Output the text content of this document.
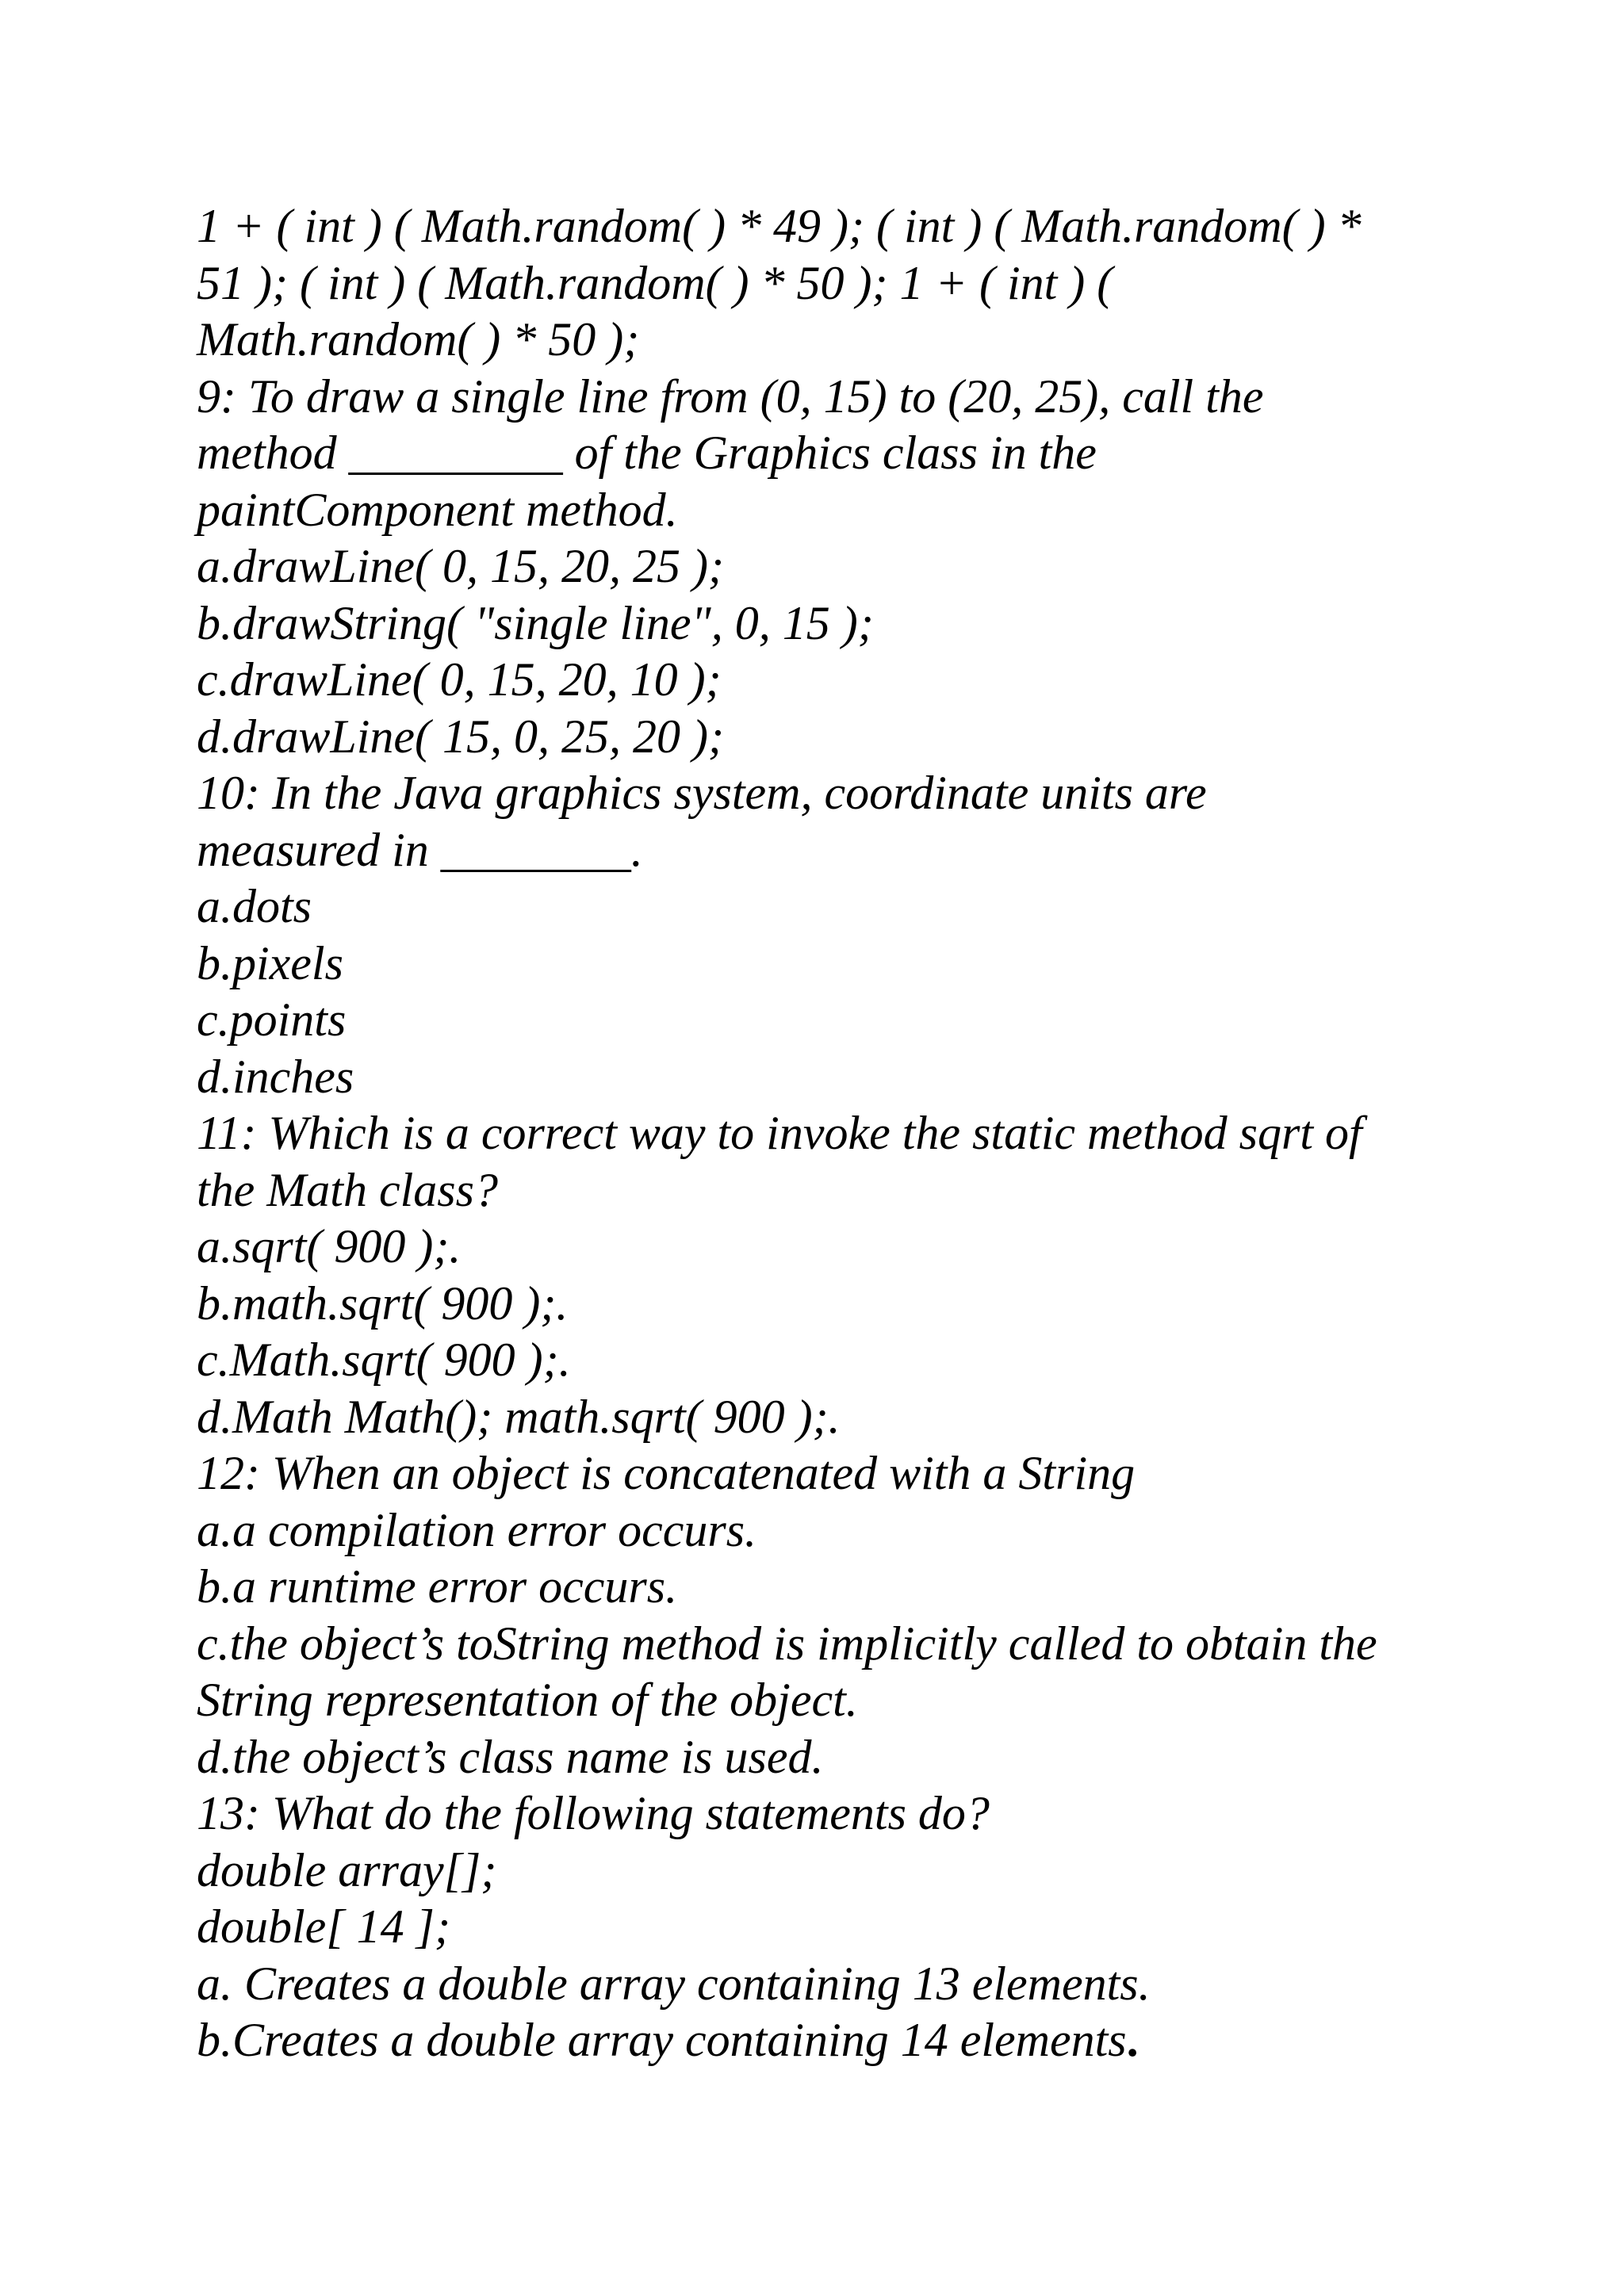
1 + ( int ) ( Math.random( ) * 49 ); ( int ) ( Math.random( ) *
51 ); ( int ) ( Math.random( ) * 50 ); 1 + ( int ) (
Math.random( ) * 50 );
9: To draw a single line from (0, 15) to (20, 25), call the
method _________ of the Graphics class in the
paintComponent method.
a.drawLine( 0, 15, 20, 25 );
b.drawString( "single line", 0, 15 );
c.drawLine( 0, 15, 20, 10 );
d.drawLine( 15, 0, 25, 20 );
10: In the Java graphics system, coordinate units are
measured in ________.
a.dots
b.pixels
c.points
d.inches
11: Which is a correct way to invoke the static method sqrt of
the Math class?
a.sqrt( 900 );.
b.math.sqrt( 900 );.
c.Math.sqrt( 900 );.
d.Math Math(); math.sqrt( 900 );.
12: When an object is concatenated with a String
a.a compilation error occurs.
b.a runtime error occurs.
c.the object’s toString method is implicitly called to obtain the
String representation of the object.
d.the object’s class name is used.
13: What do the following statements do?
double array[];
double[ 14 ];
a. Creates a double array containing 13 elements.
b.Creates a double array containing 14 elements.
